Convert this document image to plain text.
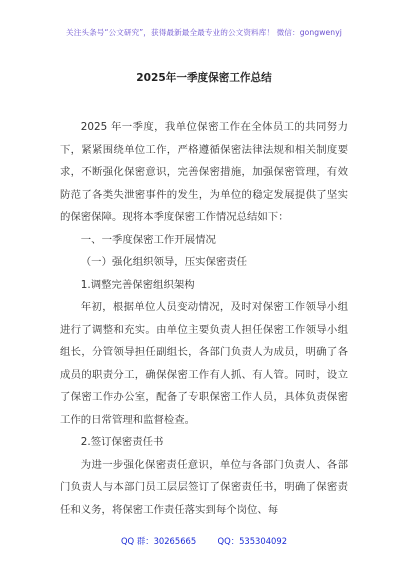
关注头条号“公文研究”，获得最新最全最专业的公文资料库！ 微信：gongwenyj
2025年一季度保密工作总结

2025 年一季度，我单位保密工作在全体员工的共同努力下，紧紧围绕单位工作，严格遵循保密法律法规和相关制度要求，不断强化保密意识，完善保密措施，加强保密管理，有效防范了各类失泄密事件的发生，为单位的稳定发展提供了坚实的保密保障。现将本季度保密工作情况总结如下：

一、一季度保密工作开展情况

（一）强化组织领导，压实保密责任

1.调整完善保密组织架构

年初，根据单位人员变动情况，及时对保密工作领导小组进行了调整和充实。由单位主要负责人担任保密工作领导小组组长，分管领导担任副组长，各部门负责人为成员，明确了各成员的职责分工，确保保密工作有人抓、有人管。同时，设立了保密工作办公室，配备了专职保密工作人员，具体负责保密工作的日常管理和监督检查。

2.签订保密责任书

为进一步强化保密责任意识，单位与各部门负责人、各部门负责人与本部门员工层层签订了保密责任书，明确了保密责任和义务，将保密工作责任落实到每个岗位、每

QQ 群：30265665	QQ：535304092
